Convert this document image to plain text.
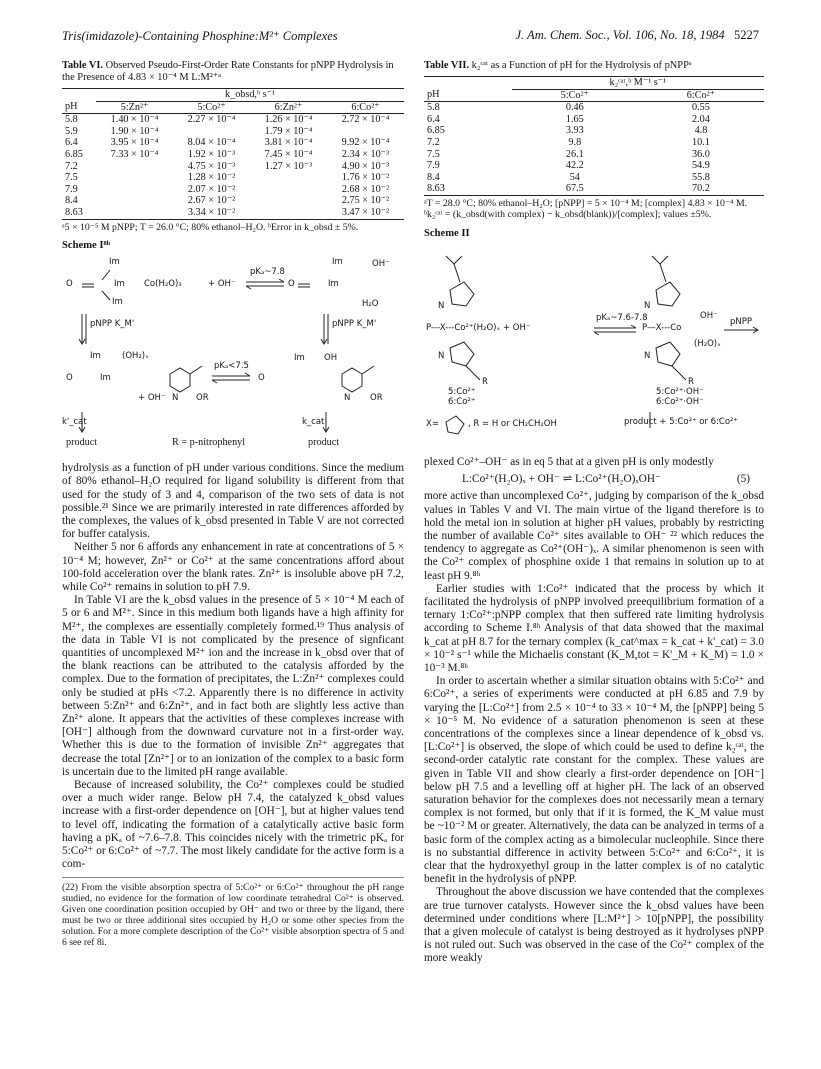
Tris(imidazole)-Containing Phosphine:M²⁺ Complexes	J. Am. Chem. Soc., Vol. 106, No. 18, 1984 5227
Table VI. Observed Pseudo-First-Order Rate Constants for pNPP Hydrolysis in the Presence of 4.83 × 10⁻⁴ M L:M²⁺ᵃ
	k_obsd,ᵇ s⁻¹			
pH	5:Zn²⁺	5:Co²⁺	6:Zn²⁺	6:Co²⁺
5.8	1.40 × 10⁻⁴	2.27 × 10⁻⁴	1.26 × 10⁻⁴	2.72 × 10⁻⁴
5.9	1.90 × 10⁻⁴		1.79 × 10⁻⁴	
6.4	3.95 × 10⁻⁴	8.04 × 10⁻⁴	3.81 × 10⁻⁴	9.92 × 10⁻⁴
6.85	7.33 × 10⁻⁴	1.92 × 10⁻³	7.45 × 10⁻⁴	2.34 × 10⁻³
7.2		4.75 × 10⁻³	1.27 × 10⁻³	4.90 × 10⁻³
7.5		1.28 × 10⁻²		1.76 × 10⁻²
7.9		2.07 × 10⁻²		2.68 × 10⁻²
8.4		2.67 × 10⁻²		2.75 × 10⁻²
8.63		3.34 × 10⁻²		3.47 × 10⁻²
ᵃ5 × 10⁻⁵ M pNPP; T = 26.0 °C; 80% ethanol–H₂O. ᵇError in k_obsd ± 5%.
Scheme I⁸ʰ
Im
O	Im Co(H₂O)₃	+ OH⁻
Im
pKₐ~7.8
Im	OH⁻
O	Im
H₂O
pNPP K_M'	pNPP K_M'
Im (OH₂)ₓ
O	Im
N OR
+ OH⁻
pKₐ<7.5
O
Im OH
N OR
k'_cat	k_cat
product	R = p-nitrophenyl	product

hydrolysis as a function of pH under various conditions. Since the medium of 80% ethanol–H₂O required for ligand solubility is different from that used for the study of 3 and 4, comparison of the two sets of data is not possible.²¹ Since we are primarily interested in rate differences afforded by the complexes, the values of k_obsd presented in Table V are not corrected for buffer catalysis.

Neither 5 nor 6 affords any enhancement in rate at concentrations of 5 × 10⁻⁴ M; however, Zn²⁺ or Co²⁺ at the same concentrations afford about 100-fold acceleration over the blank rates. Zn²⁺ is insoluble above pH 7.2, while Co²⁺ remains in solution to pH 7.9.

In Table VI are the k_obsd values in the presence of 5 × 10⁻⁴ M each of 5 or 6 and M²⁺. Since in this medium both ligands have a high affinity for M²⁺, the complexes are essentially completely formed.¹⁹ Thus analysis of the data in Table VI is not complicated by the presence of signficant quantities of uncomplexed M²⁺ ion and the increase in k_obsd over that of the blank reactions can be attributed to the catalysis afforded by the complex. Due to the formation of precipitates, the L:Zn²⁺ complexes could only be studied at pHs <7.2. Apparently there is no difference in activity between 5:Zn²⁺ and 6:Zn²⁺, and in fact both are slightly less active than Zn²⁺ alone. It appears that the activities of these complexes increase with [OH⁻] although from the downward curvature not in a first-order way. Whether this is due to the formation of invisible Zn²⁺ aggregates that decrease the total [Zn²⁺] or to an ionization of the complex to a basic form is uncertain due to the limited pH range available.

Because of increased solubility, the Co²⁺ complexes could be studied over a much wider range. Below pH 7.4, the catalyzed k_obsd values increase with a first-order dependence on [OH⁻], but at higher values tend to level off, indicating the formation of a catalytically active basic form having a pKₐ of ~7.6–7.8. This coincides nicely with the trimetric pKₐ for 5:Co²⁺ or 6:Co²⁺ of ~7.7. The most likely candidate for the active form is a com-

(22) From the visible absorption spectra of 5:Co²⁺ or 6:Co²⁺ throughout the pH range studied, no evidence for the formation of low coordinate tetrahedral Co²⁺ is observed. Given one coordination position occupied by OH⁻ and two or three by the ligand, there must be two or three additional sites occupied by H₂O or some other species from the solution. For a more complete description of the Co²⁺ visible absorption spectra of 5 and 6 see ref 8i.
Table VII. k₂ᶜᵃᵗ as a Function of pH for the Hydrolysis of pNPPᵃ
	k₂ᶜᵃᵗ,ᵇ M⁻¹ s⁻¹	
pH	5:Co²⁺	6:Co²⁺
5.8	0.46	0.55
6.4	1.65	2.04
6.85	3.93	4.8
7.2	9.8	10.1
7.5	26.1	36.0
7.9	42.2	54.9
8.4	54	55.8
8.63	67.5	70.2
ᵃT = 28.0 °C; 80% ethanol–H₂O; [pNPP] = 5 × 10⁻⁴ M; [complex] 4.83 × 10⁻⁴ M. ᵇk₂ᶜᵃᵗ = (k_obsd(with complex) − k_obsd(blank))/[complex]; values ±5%.
Scheme II
P---X---Co²⁺(H₂O)ₓ + OH⁻
N
N
R
pKₐ~7.6-7.8
P—X---Co
OH⁻
(H₂O)ₓ
pNPP
N
N
R
5:Co²⁺
6:Co²⁺
5:Co²⁺·OH⁻
6:Co²⁺·OH⁻
X=	, R = H or CH₂CH₂OH	product + 5:Co²⁺ or 6:Co²⁺

plexed Co²⁺–OH⁻ as in eq 5 that at a given pH is only modestly

L:Co²⁺(H₂O)ₓ + OH⁻ ⇌ L:Co²⁺(H₂O)ₓOH⁻	(5)

more active than uncomplexed Co²⁺, judging by comparison of the k_obsd values in Tables V and VI. The main virtue of the ligand therefore is to hold the metal ion in solution at higher pH values, probably by restricting the number of available Co²⁺ sites available to OH⁻ ²² which reduces the tendency to aggregate as Co²⁺(OH⁻)ₓ. A similar phenomenon is seen with the Co²⁺ complex of phosphine oxide 1 that remains in solution up to at least pH 9.⁸ʰ

Earlier studies with 1:Co²⁺ indicated that the process by which it facilitated the hydrolysis of pNPP involved preequilibrium formation of a ternary 1:Co²⁺:pNPP complex that then suffered rate limiting hydrolysis according to Scheme I.⁸ʰ Analysis of that data showed that the maximal k_cat at pH 8.7 for the ternary complex (k_cat^max = k_cat + k'_cat) = 3.0 × 10⁻² s⁻¹ while the Michaelis constant (K_M,tot = K'_M + K_M) = 1.0 × 10⁻³ M.⁸ʰ

In order to ascertain whether a similar situation obtains with 5:Co²⁺ and 6:Co²⁺, a series of experiments were conducted at pH 6.85 and 7.9 by varying the [L:Co²⁺] from 2.5 × 10⁻⁴ to 33 × 10⁻⁴ M, the [pNPP] being 5 × 10⁻⁵ M. No evidence of a saturation phenomenon is seen at these concentrations of the complexes since a linear dependence of k_obsd vs. [L:Co²⁺] is observed, the slope of which could be used to define k₂ᶜᵃᵗ, the second-order catalytic rate constant for the complex. These values are given in Table VII and show clearly a first-order dependence on [OH⁻] below pH 7.5 and a levelling off at higher pH. The lack of an observed saturation behavior for the complexes does not necessarily mean a ternary complex is not formed, but only that if it is formed, the K_M value must be ~10⁻² M or greater. Alternatively, the data can be analyzed in terms of a basic form of the complex acting as a bimolecular nucleophile. Since there is no substantial difference in activity between 5:Co²⁺ and 6:Co²⁺, it is clear that the hydroxyethyl group in the latter complex is of no catalytic benefit in the hydrolysis of pNPP.

Throughout the above discussion we have contended that the complexes are true turnover catalysts. However since the k_obsd values have been determined under conditions where [L:M²⁺] > 10[pNPP], the possibility that a given molecule of catalyst is being destroyed as it hydrolyses pNPP is not ruled out. Such was observed in the case of the Co²⁺ complex of the more weakly
